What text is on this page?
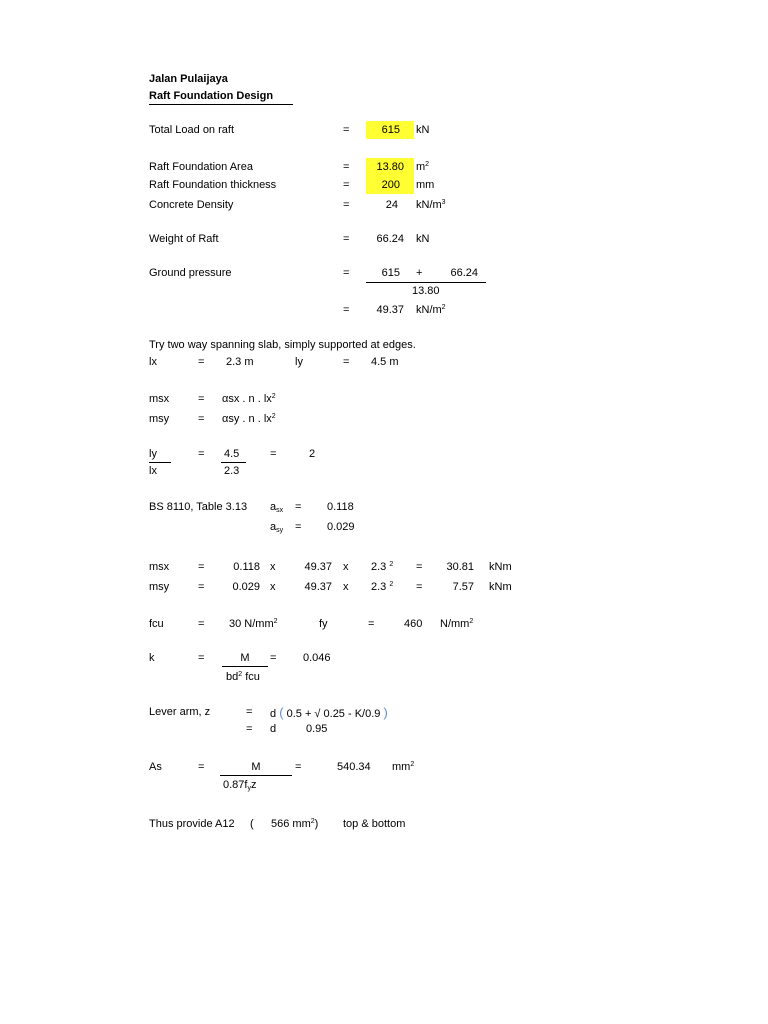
Jalan Pulaijaya
Raft Foundation Design
Total Load on raft	=	615 kN
Raft Foundation Area	=	13.80 $m^2$
Raft Foundation thickness	=	200 mm
Concrete Density	=	24 $kN/m^3$
Weight of Raft	=	66.24 kN
Ground pressure	=	615 +	66.24
13.80
=	49.37 $kN/m^2$
Try two way spanning slab, simply supported at edges.
lx	= 2.3 m	ly	= 4.5 m
msx	= αsx . n . $lx^2$
msy	= αsy . n . $lx^2$
ly
lx
= 4.5
2.3
=	2
BS 8110, Table 3.13 $a_{sx} = 0.118$
$a_{sy} = 0.029$
msx	=	0.118 x	49.37 x 2.3 $^2$ =	30.81 kNm
msy	=	0.029 x	49.37 x 2.3 $^2$ =	7.57 kNm
fcu	= 30 $N/mm^2$	fy	=	460 $N/mm^2$
k	=	M
$bd^2$ fcu
= 0.046
Lever arm, z	= d ( 0.5 + √ 0.25 - K/0.9 )
= d	0.95
As	=	M
$0.87f_yz$
=	540.34 $mm^2$
Thus provide A12 ( 566 $mm^2$) top & bottom
